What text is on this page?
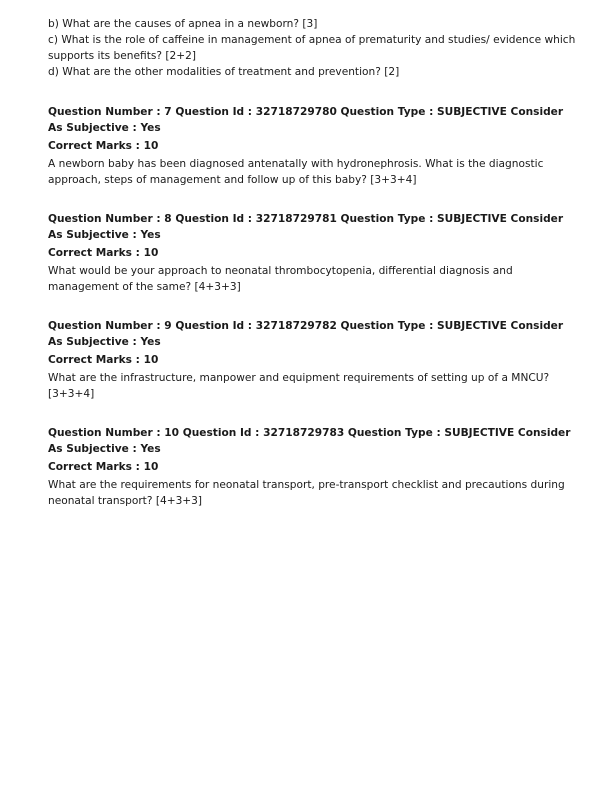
b) What are the causes of apnea in a newborn? [3]

c) What is the role of caffeine in management of apnea of prematurity and studies/ evidence which supports its benefits? [2+2]

d) What are the other modalities of treatment and prevention? [2]

Question Number : 7 Question Id : 32718729780 Question Type : SUBJECTIVE Consider As Subjective : Yes

Correct Marks : 10

A newborn baby has been diagnosed antenatally with hydronephrosis. What is the diagnostic approach, steps of management and follow up of this baby? [3+3+4]

Question Number : 8 Question Id : 32718729781 Question Type : SUBJECTIVE Consider As Subjective : Yes

Correct Marks : 10

What would be your approach to neonatal thrombocytopenia, differential diagnosis and management of the same? [4+3+3]

Question Number : 9 Question Id : 32718729782 Question Type : SUBJECTIVE Consider As Subjective : Yes

Correct Marks : 10

What are the infrastructure, manpower and equipment requirements of setting up of a MNCU? [3+3+4]

Question Number : 10 Question Id : 32718729783 Question Type : SUBJECTIVE Consider As Subjective : Yes

Correct Marks : 10

What are the requirements for neonatal transport, pre-transport checklist and precautions during neonatal transport? [4+3+3]
